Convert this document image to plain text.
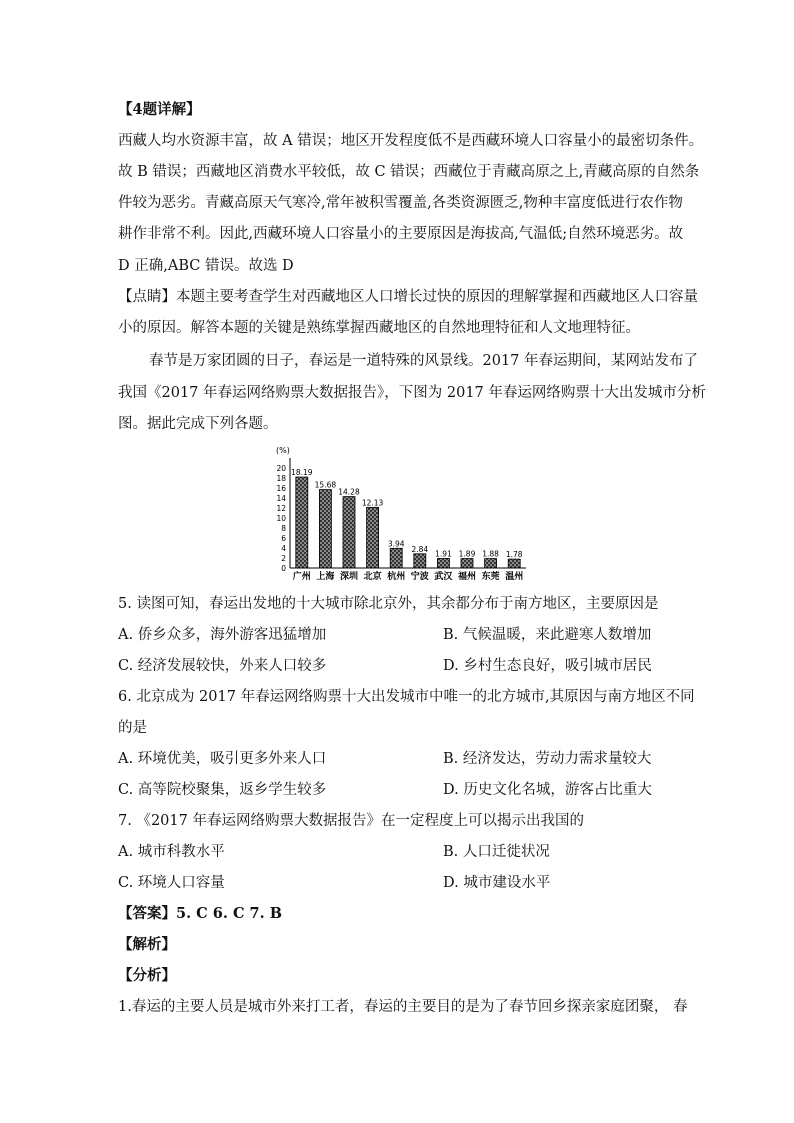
【4题详解】
西藏人均水资源丰富，故 A 错误；地区开发程度低不是西藏环境人口容量小的最密切条件。
故 B 错误；西藏地区消费水平较低，故 C 错误；西藏位于青藏高原之上,青藏高原的自然条
件较为恶劣。青藏高原天气寒冷,常年被积雪覆盖,各类资源匮乏,物种丰富度低进行农作物
耕作非常不利。因此,西藏环境人口容量小的主要原因是海拔高,气温低;自然环境恶劣。故
D 正确,ABC 错误。故选 D
【点睛】本题主要考查学生对西藏地区人口增长过快的原因的理解掌握和西藏地区人口容量
小的原因。解答本题的关键是熟练掌握西藏地区的自然地理特征和人文地理特征。
春节是万家团圆的日子，春运是一道特殊的风景线。2017 年春运期间，某网站发布了
我国《2017 年春运网络购票大数据报告》，下图为 2017 年春运网络购票十大出发城市分析
图。据此完成下列各题。
(%)
0
2
4
6
8
10
12
14
16
18
20 18.19
15.68
14.28
12.13
3.94
2.84
1.91 1.89 1.88 1.78
广州 上海 深圳 北京 杭州 宁波 武汉 福州 东莞 温州
5. 读图可知，春运出发地的十大城市除北京外，其余都分布于南方地区，主要原因是
A. 侨乡众多，海外游客迅猛增加	B. 气候温暖，来此避寒人数增加
C. 经济发展较快，外来人口较多	D. 乡村生态良好，吸引城市居民
6. 北京成为 2017 年春运网络购票十大出发城市中唯一的北方城市,其原因与南方地区不同
的是
A. 环境优美，吸引更多外来人口	B. 经济发达，劳动力需求量较大
C. 高等院校聚集，返乡学生较多	D. 历史文化名城，游客占比重大
7. 《2017 年春运网络购票大数据报告》在一定程度上可以揭示出我国的
A. 城市科教水平	B. 人口迁徙状况
C. 环境人口容量	D. 城市建设水平
【答案】5. C 6. C 7. B
【解析】
【分析】
1.春运的主要人员是城市外来打工者，春运的主要目的是为了春节回乡探亲家庭团聚， 春
